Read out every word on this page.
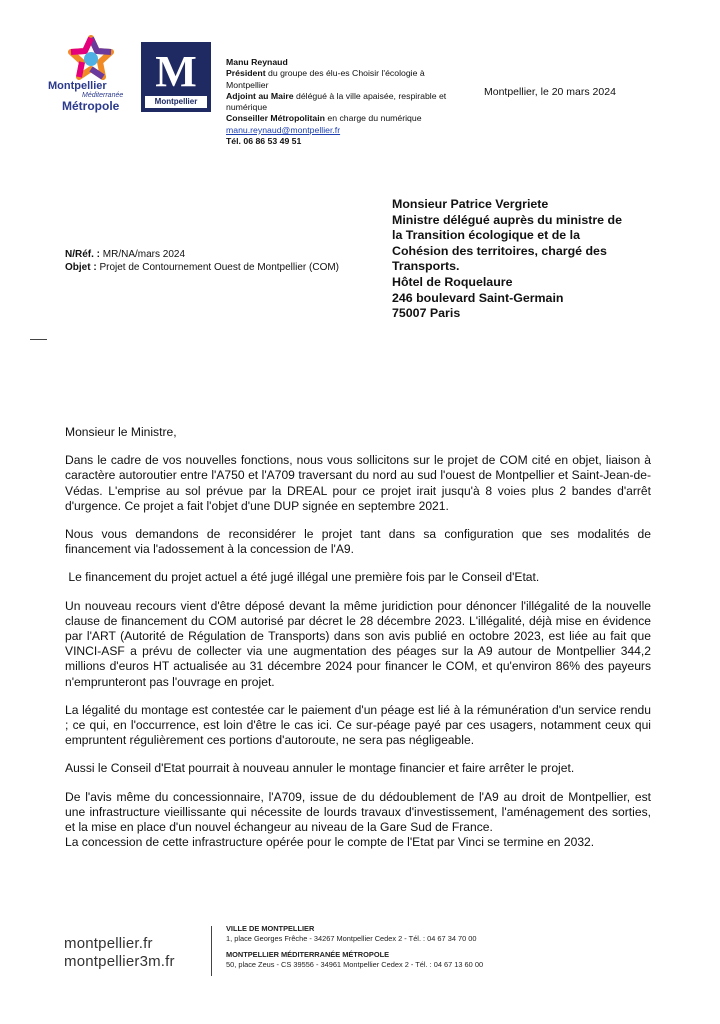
Montpellier
Méditerranée
Métropole
M
Montpellier
Manu Reynaud
Président du groupe des élu-es Choisir l'écologie à Montpellier
Adjoint au Maire délégué à la ville apaisée, respirable et numérique
Conseiller Métropolitain en charge du numérique
manu.reynaud@montpellier.fr
Tél. 06 86 53 49 51
Montpellier, le 20 mars 2024
Monsieur Patrice Vergriete
Ministre délégué auprès du ministre de
la Transition écologique et de la
Cohésion des territoires, chargé des
Transports.
Hôtel de Roquelaure
246 boulevard Saint-Germain
75007 Paris
N/Réf. : MR/NA/mars 2024
Objet : Projet de Contournement Ouest de Montpellier (COM)

Monsieur le Ministre,

Dans le cadre de vos nouvelles fonctions, nous vous sollicitons sur le projet de COM cité en objet, liaison à caractère autoroutier entre l'A750 et l'A709 traversant du nord au sud l'ouest de Montpellier et Saint-Jean-de-Védas. L'emprise au sol prévue par la DREAL pour ce projet irait jusqu'à 8 voies plus 2 bandes d'arrêt d'urgence. Ce projet a fait l'objet d'une DUP signée en septembre 2021.

Nous vous demandons de reconsidérer le projet tant dans sa configuration que ses modalités de financement via l'adossement à la concession de l'A9.

Le financement du projet actuel a été jugé illégal une première fois par le Conseil d'Etat.

Un nouveau recours vient d'être déposé devant la même juridiction pour dénoncer l'illégalité de la nouvelle clause de financement du COM autorisé par décret le 28 décembre 2023. L'illégalité, déjà mise en évidence par l'ART (Autorité de Régulation de Transports) dans son avis publié en octobre 2023, est liée au fait que VINCI-ASF a prévu de collecter via une augmentation des péages sur la A9 autour de Montpellier 344,2 millions d'euros HT actualisée au 31 décembre 2024 pour financer le COM, et qu'environ 86% des payeurs n'emprunteront pas l'ouvrage en projet.

La légalité du montage est contestée car le paiement d'un péage est lié à la rémunération d'un service rendu ; ce qui, en l'occurrence, est loin d'être le cas ici. Ce sur-péage payé par ces usagers, notamment ceux qui empruntent régulièrement ces portions d'autoroute, ne sera pas négligeable.

Aussi le Conseil d'Etat pourrait à nouveau annuler le montage financier et faire arrêter le projet.

De l'avis même du concessionnaire, l'A709, issue de du dédoublement de l'A9 au droit de Montpellier, est une infrastructure vieillissante qui nécessite de lourds travaux d'investissement, l'aménagement des sorties, et la mise en place d'un nouvel échangeur au niveau de la Gare Sud de France.

La concession de cette infrastructure opérée pour le compte de l'Etat par Vinci se termine en 2032.

montpellier.fr
montpellier3m.fr
VILLE DE MONTPELLIER
1, place Georges Frêche - 34267 Montpellier Cedex 2 - Tél. : 04 67 34 70 00
MONTPELLIER MÉDITERRANÉE MÉTROPOLE
50, place Zeus - CS 39556 - 34961 Montpellier Cedex 2 - Tél. : 04 67 13 60 00
